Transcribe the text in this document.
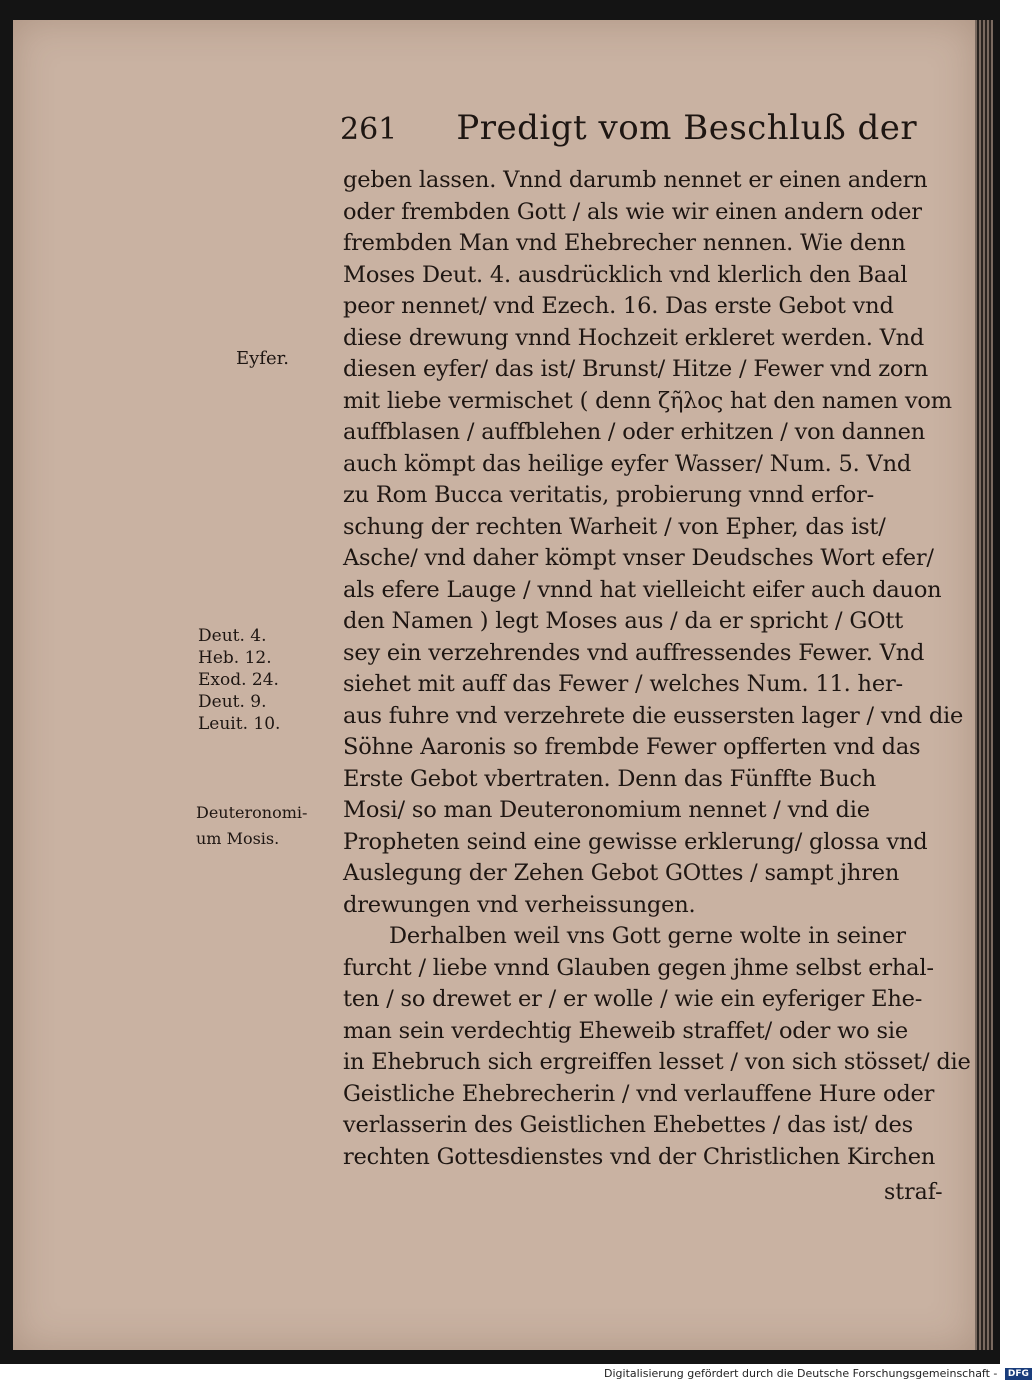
261 Predigt vom Beschluß der
geben lassen. Vnnd darumb nennet er einen andern
oder frembden Gott / als wie wir einen andern oder
frembden Man vnd Ehebrecher nennen. Wie denn
Moses Deut. 4. ausdrücklich vnd klerlich den Baal
peor nennet/ vnd Ezech. 16. Das erste Gebot vnd
diese drewung vnnd Hochzeit erkleret werden. Vnd
diesen eyfer/ das ist/ Brunst/ Hitze / Fewer vnd zorn
mit liebe vermischet ( denn ζῆλος hat den namen vom
auffblasen / auffblehen / oder erhitzen / von dannen
auch kömpt das heilige eyfer Wasser/ Num. 5. Vnd
zu Rom Bucca veritatis, probierung vnnd erfor-
schung der rechten Warheit / von Epher, das ist/
Asche/ vnd daher kömpt vnser Deudsches Wort efer/
als efere Lauge / vnnd hat vielleicht eifer auch dauon
den Namen ) legt Moses aus / da er spricht / GOtt
sey ein verzehrendes vnd auffressendes Fewer. Vnd
siehet mit auff das Fewer / welches Num. 11. her-
aus fuhre vnd verzehrete die eussersten lager / vnd die
Söhne Aaronis so frembde Fewer opfferten vnd das
Erste Gebot vbertraten. Denn das Fünffte Buch
Mosi/ so man Deuteronomium nennet / vnd die
Propheten seind eine gewisse erklerung/ glossa vnd
Auslegung der Zehen Gebot GOttes / sampt jhren
drewungen vnd verheissungen.
Derhalben weil vns Gott gerne wolte in seiner
furcht / liebe vnnd Glauben gegen jhme selbst erhal-
ten / so drewet er / er wolle / wie ein eyferiger Ehe-
man sein verdechtig Eheweib straffet/ oder wo sie
in Ehebruch sich ergreiffen lesset / von sich stösset/ die
Geistliche Ehebrecherin / vnd verlauffene Hure oder
verlasserin des Geistlichen Ehebettes / das ist/ des
rechten Gottesdienstes vnd der Christlichen Kirchen
straf-
Eyfer.
Deut. 4.
Heb. 12.
Exod. 24.
Deut. 9.
Leuit. 10.
Deuteronomi-
um Mosis.
Digitalisierung gefördert durch die Deutsche Forschungsgemeinschaft - DFG
